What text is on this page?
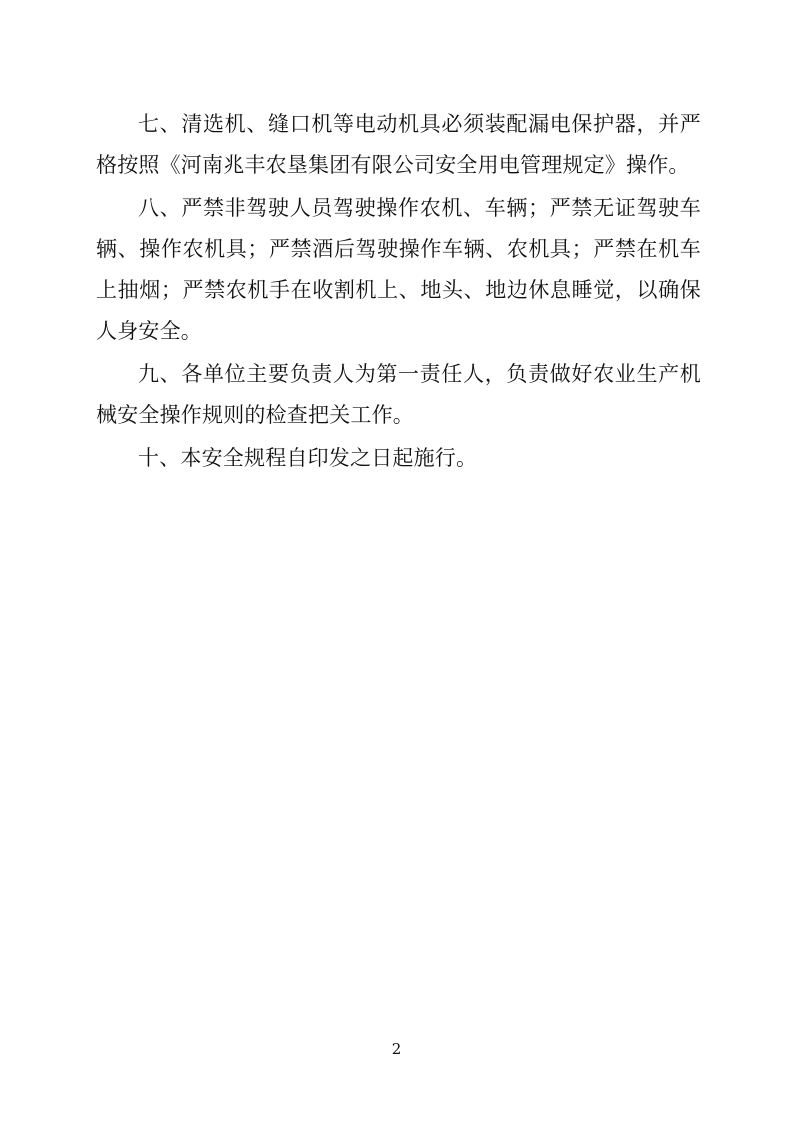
七、清选机、缝口机等电动机具必须装配漏电保护器，并严格按照《河南兆丰农垦集团有限公司安全用电管理规定》操作。

八、严禁非驾驶人员驾驶操作农机、车辆；严禁无证驾驶车辆、操作农机具；严禁酒后驾驶操作车辆、农机具；严禁在机车上抽烟；严禁农机手在收割机上、地头、地边休息睡觉，以确保人身安全。

九、各单位主要负责人为第一责任人，负责做好农业生产机械安全操作规则的检查把关工作。

十、本安全规程自印发之日起施行。

2
